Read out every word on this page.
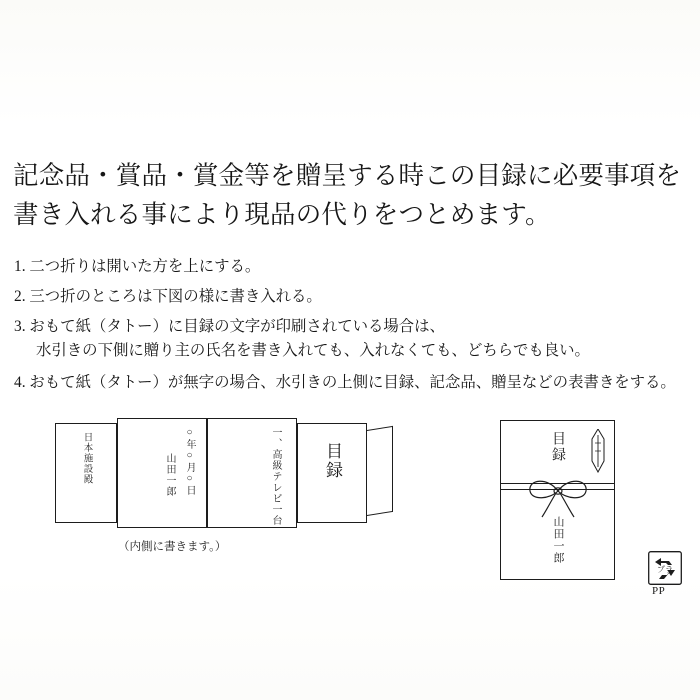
記念品・賞品・賞金等を贈呈する時この目録に必要事項を
書き入れる事により現品の代りをつとめます。
1. 二つ折りは開いた方を上にする。
2. 三つ折のところは下図の様に書き入れる。
3. おもて紙（タトー）に目録の文字が印刷されている場合は、
水引きの下側に贈り主の氏名を書き入れても、入れなくても、どちらでも良い。
4. おもて紙（タトー）が無字の場合、水引きの上側に目録、記念品、贈呈などの表書きをする。
日本施設殿	○年○月○日
山田一郎	一、高級テレビ一台	目録
（内側に書きます。）
目録
山田一郎
プラ
PP
